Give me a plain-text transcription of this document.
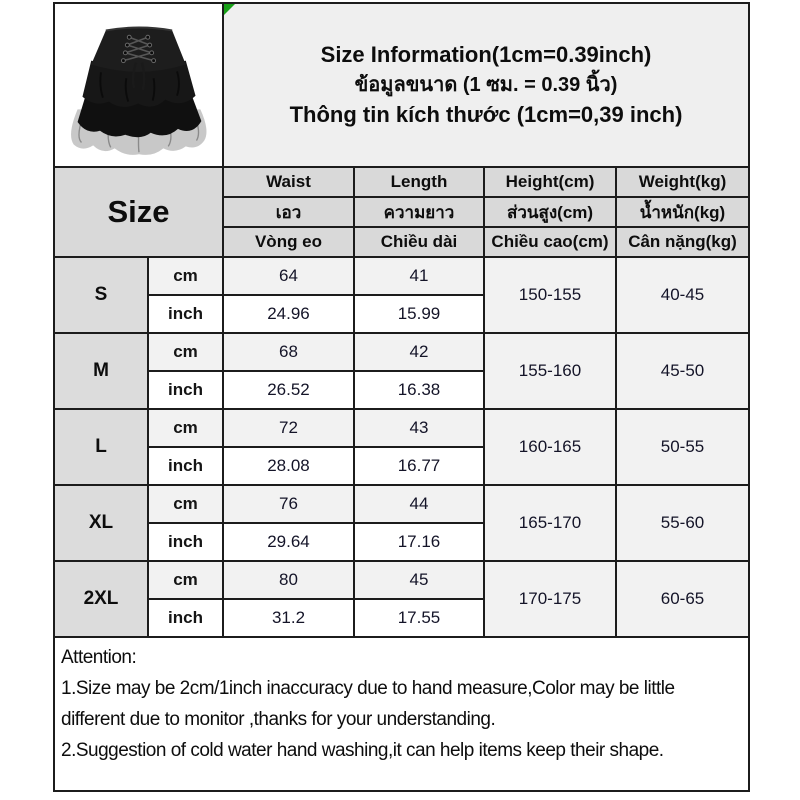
Size Information(1cm=0.39inch)
ข้อมูลขนาด (1 ซม. = 0.39 นิ้ว)
Thông tin kích thước (1cm=0,39 inch)			

Size		Waist	Length	Height(cm)	Weight(kg)
		เอว	ความยาว	ส่วนสูง(cm)	น้ำหนัก(kg)
		Vòng eo	Chiều dài	Chiều cao(cm)	Cân nặng(kg)
S	cm	64	41	150-155	40-45
	inch	24.96	15.99		
M	cm	68	42	155-160	45-50
	inch	26.52	16.38		
L	cm	72	43	160-165	50-55
	inch	28.08	16.77		
XL	cm	76	44	165-170	55-60
	inch	29.64	17.16		
2XL	cm	80	45	170-175	60-65
	inch	31.2	17.55		

Attention:
1.Size may be 2cm/1inch inaccuracy due to hand measure,Color may be little different due to monitor ,thanks for your understanding.
2.Suggestion of cold water hand washing,it can help items keep their shape.					
